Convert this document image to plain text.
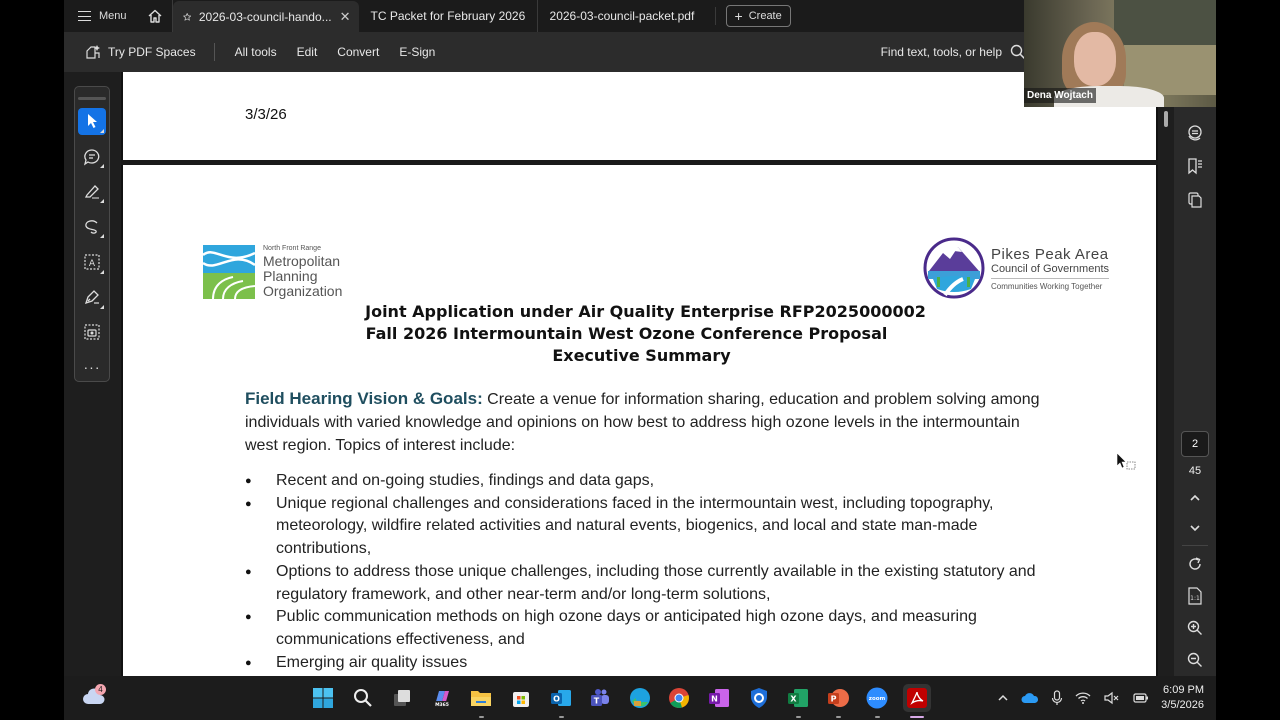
Menu	2026-03-council-hando... ✕ TC Packet for February 2026 2026-03-council-packet.pdf	+ Create
Try PDF Spaces	All tools Edit Convert E-Sign	Find text, tools, or help
A
···
3/3/26
North Front Range
Metropolitan
Planning
Organization
Pikes Peak Area
Council of Governments
Communities Working Together
Joint Application under Air Quality Enterprise RFP2025000002
Fall 2026 Intermountain West Ozone Conference Proposal
Executive Summary

Field Hearing Vision & Goals: Create a venue for information sharing, education and problem solving among individuals with varied knowledge and opinions on how best to address high ozone levels in the intermountain west region. Topics of interest include:

● Recent and on-going studies, findings and data gaps,
● Unique regional challenges and considerations faced in the intermountain west, including topography, meteorology, wildfire related activities and natural events, biogenics, and local and state man-made contributions,
● Options to address those unique challenges, including those currently available in the existing statutory and regulatory framework, and other near-term and/or long-term solutions,
● Public communication methods on high ozone days or anticipated high ozone days, and measuring communications effectiveness, and
● Emerging air quality issues
2
45
1:1
Dena Wojtach
4
M365
O	T	N	X	P	zoom
6:09 PM
3/5/2026
